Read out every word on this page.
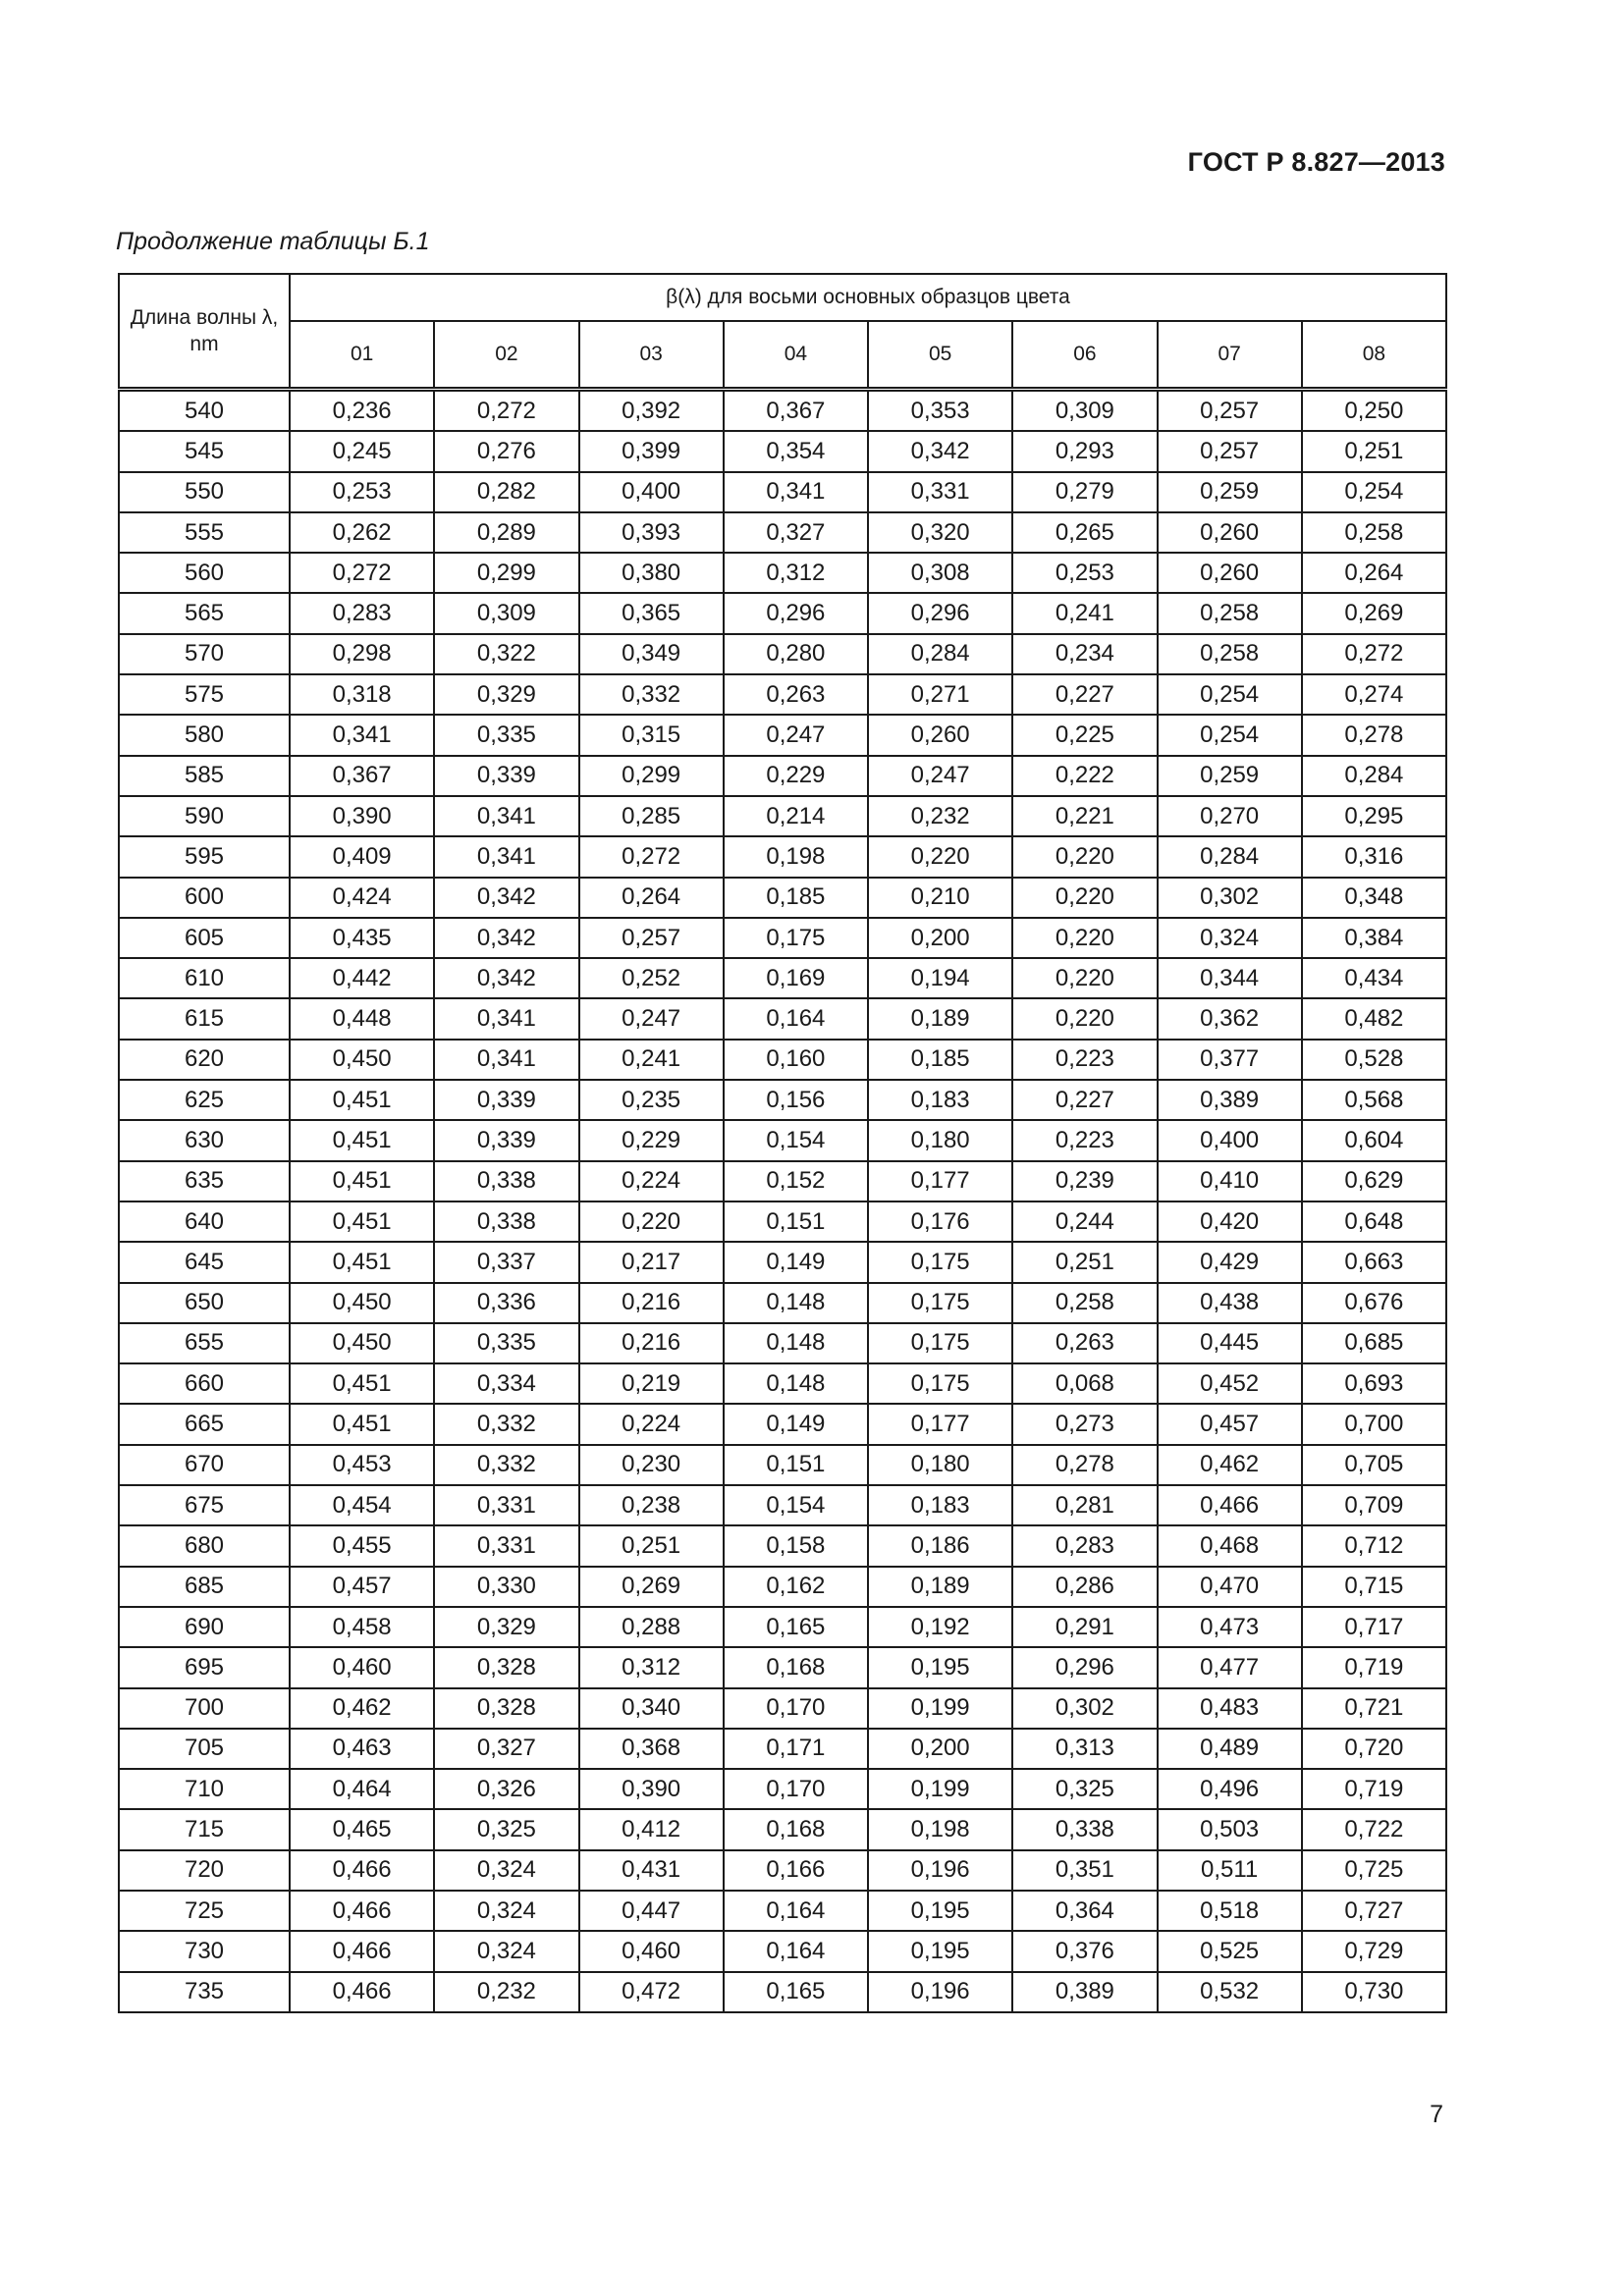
ГОСТ Р 8.827—2013
Продолжение таблицы Б.1
Длина волны λ, nm	β(λ) для восьми основных образцов цвета							
	01	02	03	04	05	06	07	08
540	0,236	0,272	0,392	0,367	0,353	0,309	0,257	0,250
545	0,245	0,276	0,399	0,354	0,342	0,293	0,257	0,251
550	0,253	0,282	0,400	0,341	0,331	0,279	0,259	0,254
555	0,262	0,289	0,393	0,327	0,320	0,265	0,260	0,258
560	0,272	0,299	0,380	0,312	0,308	0,253	0,260	0,264
565	0,283	0,309	0,365	0,296	0,296	0,241	0,258	0,269
570	0,298	0,322	0,349	0,280	0,284	0,234	0,258	0,272
575	0,318	0,329	0,332	0,263	0,271	0,227	0,254	0,274
580	0,341	0,335	0,315	0,247	0,260	0,225	0,254	0,278
585	0,367	0,339	0,299	0,229	0,247	0,222	0,259	0,284
590	0,390	0,341	0,285	0,214	0,232	0,221	0,270	0,295
595	0,409	0,341	0,272	0,198	0,220	0,220	0,284	0,316
600	0,424	0,342	0,264	0,185	0,210	0,220	0,302	0,348
605	0,435	0,342	0,257	0,175	0,200	0,220	0,324	0,384
610	0,442	0,342	0,252	0,169	0,194	0,220	0,344	0,434
615	0,448	0,341	0,247	0,164	0,189	0,220	0,362	0,482
620	0,450	0,341	0,241	0,160	0,185	0,223	0,377	0,528
625	0,451	0,339	0,235	0,156	0,183	0,227	0,389	0,568
630	0,451	0,339	0,229	0,154	0,180	0,223	0,400	0,604
635	0,451	0,338	0,224	0,152	0,177	0,239	0,410	0,629
640	0,451	0,338	0,220	0,151	0,176	0,244	0,420	0,648
645	0,451	0,337	0,217	0,149	0,175	0,251	0,429	0,663
650	0,450	0,336	0,216	0,148	0,175	0,258	0,438	0,676
655	0,450	0,335	0,216	0,148	0,175	0,263	0,445	0,685
660	0,451	0,334	0,219	0,148	0,175	0,068	0,452	0,693
665	0,451	0,332	0,224	0,149	0,177	0,273	0,457	0,700
670	0,453	0,332	0,230	0,151	0,180	0,278	0,462	0,705
675	0,454	0,331	0,238	0,154	0,183	0,281	0,466	0,709
680	0,455	0,331	0,251	0,158	0,186	0,283	0,468	0,712
685	0,457	0,330	0,269	0,162	0,189	0,286	0,470	0,715
690	0,458	0,329	0,288	0,165	0,192	0,291	0,473	0,717
695	0,460	0,328	0,312	0,168	0,195	0,296	0,477	0,719
700	0,462	0,328	0,340	0,170	0,199	0,302	0,483	0,721
705	0,463	0,327	0,368	0,171	0,200	0,313	0,489	0,720
710	0,464	0,326	0,390	0,170	0,199	0,325	0,496	0,719
715	0,465	0,325	0,412	0,168	0,198	0,338	0,503	0,722
720	0,466	0,324	0,431	0,166	0,196	0,351	0,511	0,725
725	0,466	0,324	0,447	0,164	0,195	0,364	0,518	0,727
730	0,466	0,324	0,460	0,164	0,195	0,376	0,525	0,729
735	0,466	0,232	0,472	0,165	0,196	0,389	0,532	0,730
7
